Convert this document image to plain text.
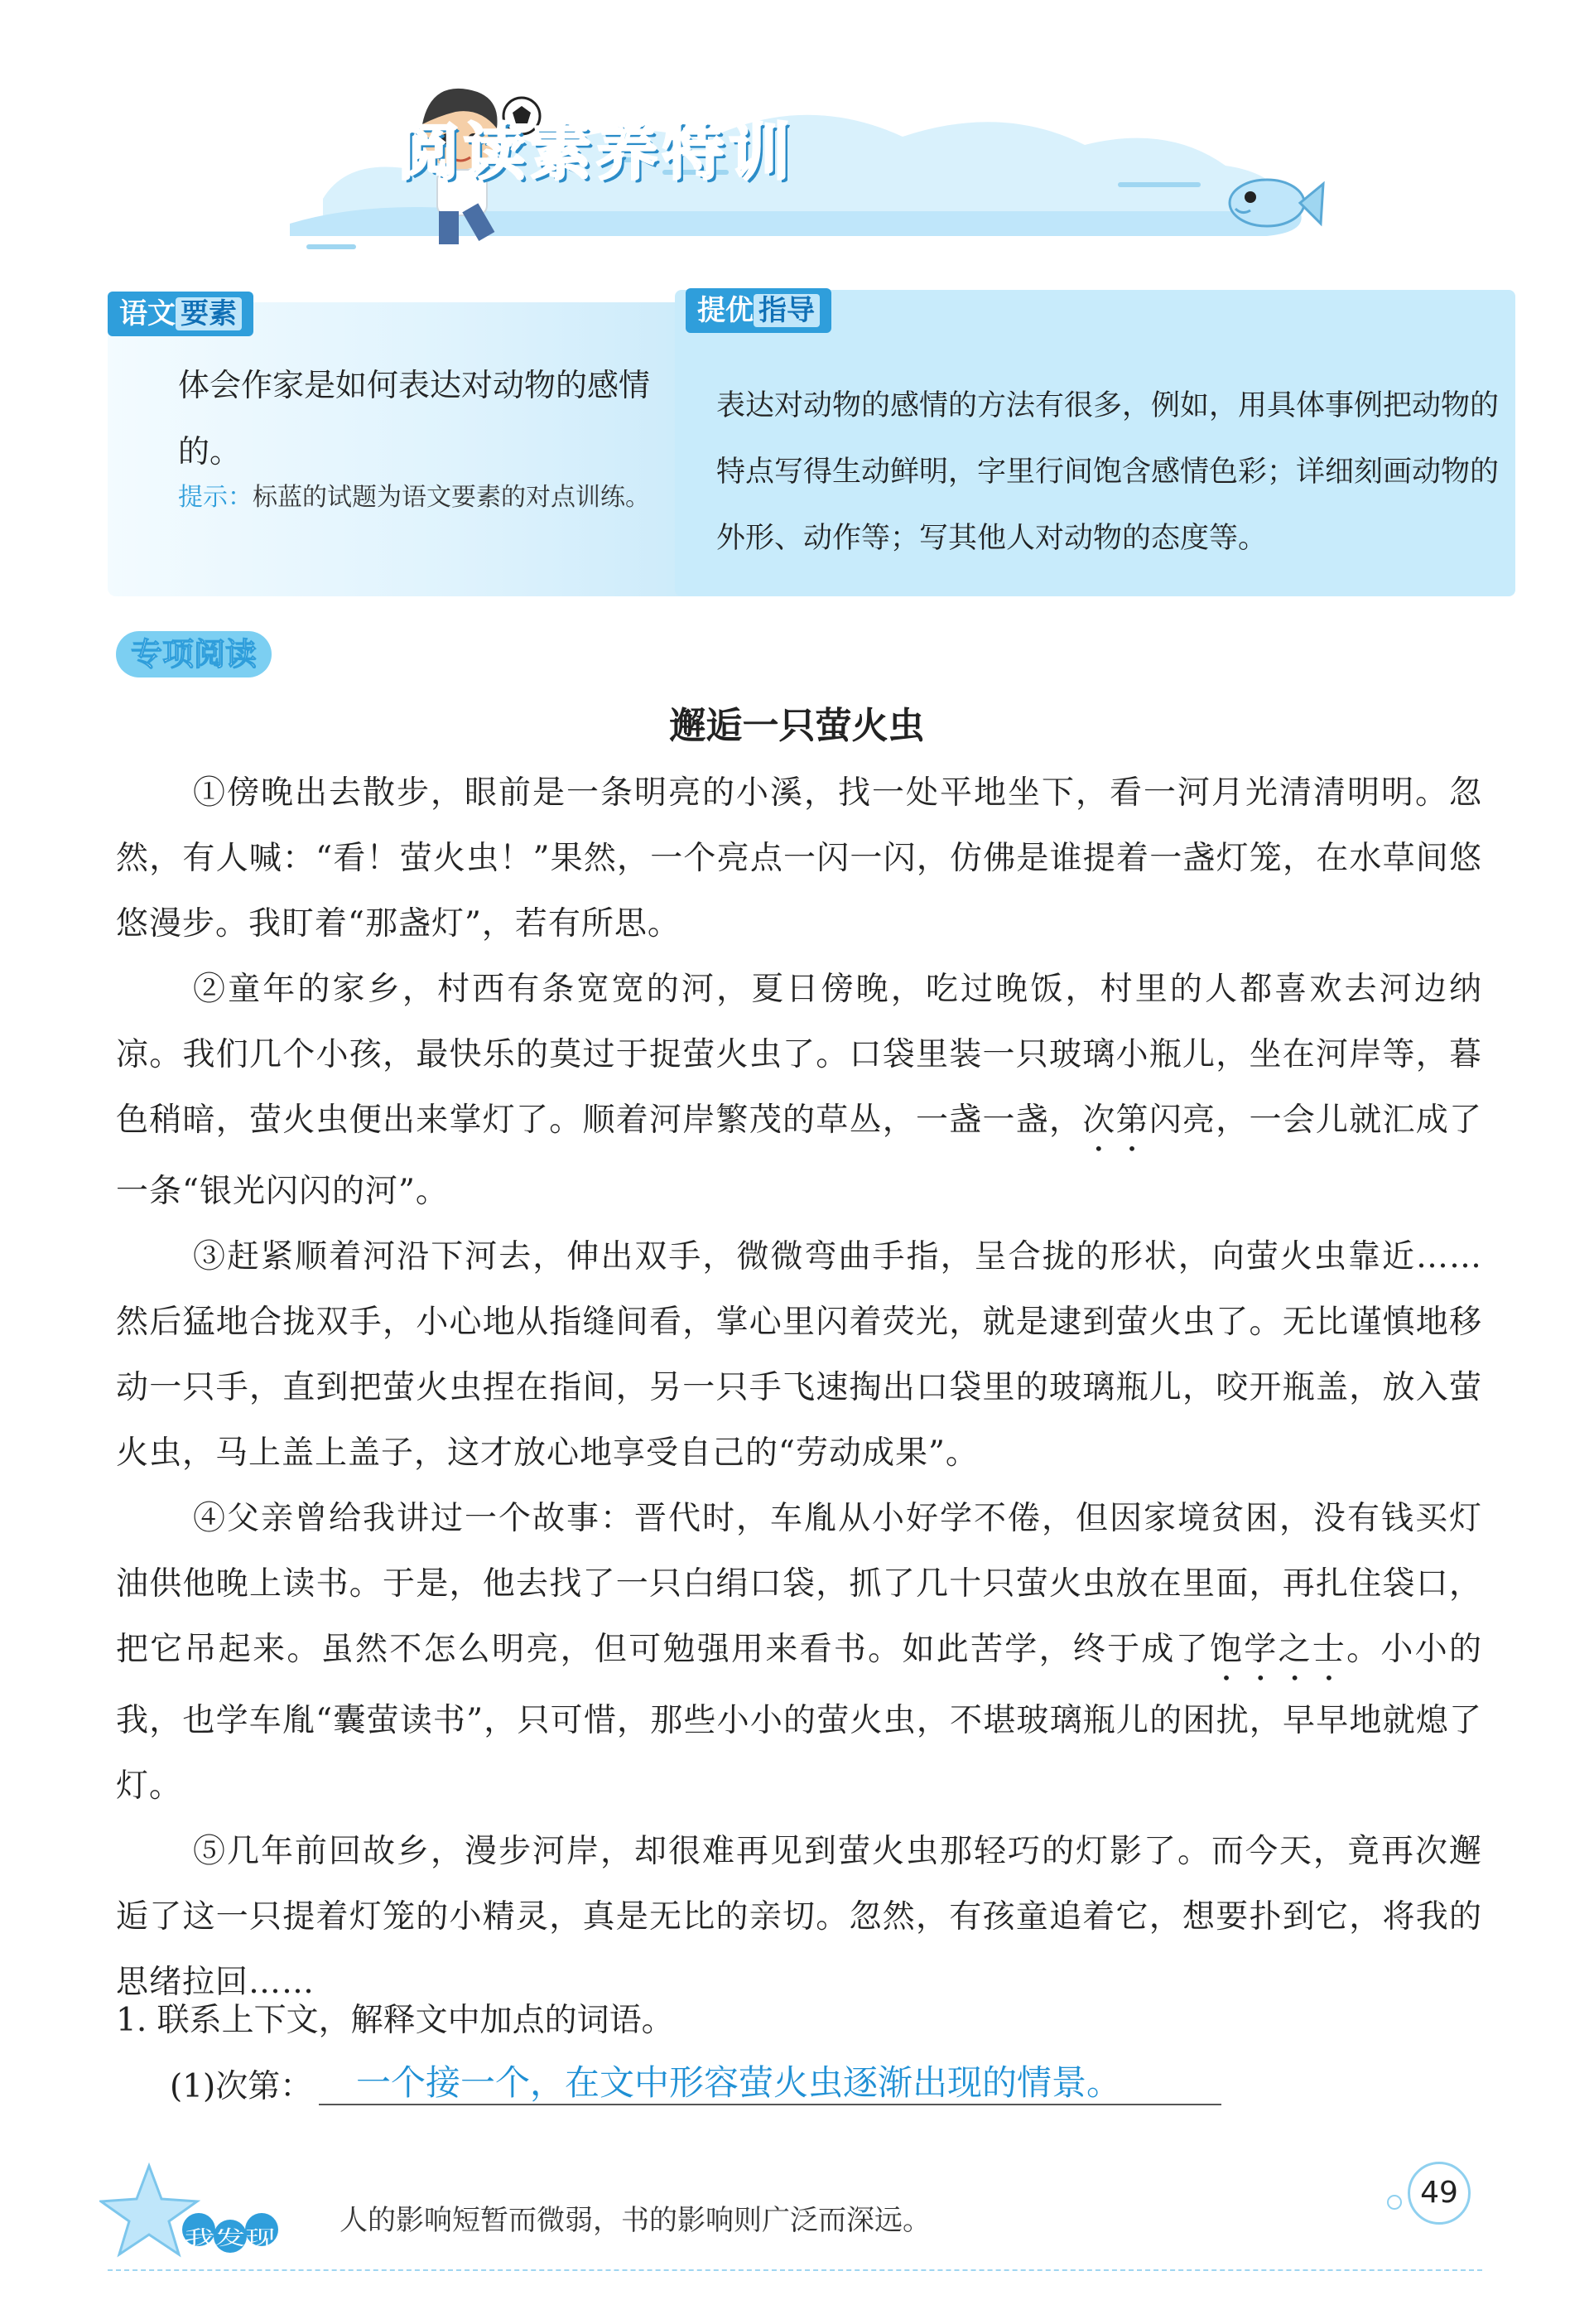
阅读素养特训
语文 要素	提优 指导
体会作家是如何表达对动物的感情的。
提示：标蓝的试题为语文要素的对点训练。
表达对动物的感情的方法有很多，例如，用具体事例把动物的特点写得生动鲜明，字里行间饱含感情色彩；详细刻画动物的外形、动作等；写其他人对动物的态度等。
专项阅读
邂逅一只萤火虫

①傍晚出去散步，眼前是一条明亮的小溪，找一处平地坐下，看一河月光清清明明。忽然，有人喊：“看！萤火虫！”果然，一个亮点一闪一闪，仿佛是谁提着一盏灯笼，在水草间悠悠漫步。我盯着“那盏灯”，若有所思。

②童年的家乡，村西有条宽宽的河，夏日傍晚，吃过晚饭，村里的人都喜欢去河边纳凉。我们几个小孩，最快乐的莫过于捉萤火虫了。口袋里装一只玻璃小瓶儿，坐在河岸等，暮色稍暗，萤火虫便出来掌灯了。顺着河岸繁茂的草丛，一盏一盏，次第闪亮，一会儿就汇成了一条“银光闪闪的河”。

③赶紧顺着河沿下河去，伸出双手，微微弯曲手指，呈合拢的形状，向萤火虫靠近……然后猛地合拢双手，小心地从指缝间看，掌心里闪着荧光，就是逮到萤火虫了。无比谨慎地移动一只手，直到把萤火虫捏在指间，另一只手飞速掏出口袋里的玻璃瓶儿，咬开瓶盖，放入萤火虫，马上盖上盖子，这才放心地享受自己的“劳动成果”。

④父亲曾给我讲过一个故事：晋代时，车胤从小好学不倦，但因家境贫困，没有钱买灯油供他晚上读书。于是，他去找了一只白绢口袋，抓了几十只萤火虫放在里面，再扎住袋口，把它吊起来。虽然不怎么明亮，但可勉强用来看书。如此苦学，终于成了饱学之士。小小的我，也学车胤“囊萤读书”，只可惜，那些小小的萤火虫，不堪玻璃瓶儿的困扰，早早地就熄了灯。

⑤几年前回故乡，漫步河岸，却很难再见到萤火虫那轻巧的灯影了。而今天，竟再次邂逅了这一只提着灯笼的小精灵，真是无比的亲切。忽然，有孩童追着它，想要扑到它，将我的思绪拉回……

1. 联系上下文，解释文中加点的词语。
(1)次第：	一个接一个，在文中形容萤火虫逐渐出现的情景。
我发现
人的影响短暂而微弱，书的影响则广泛而深远。
49
